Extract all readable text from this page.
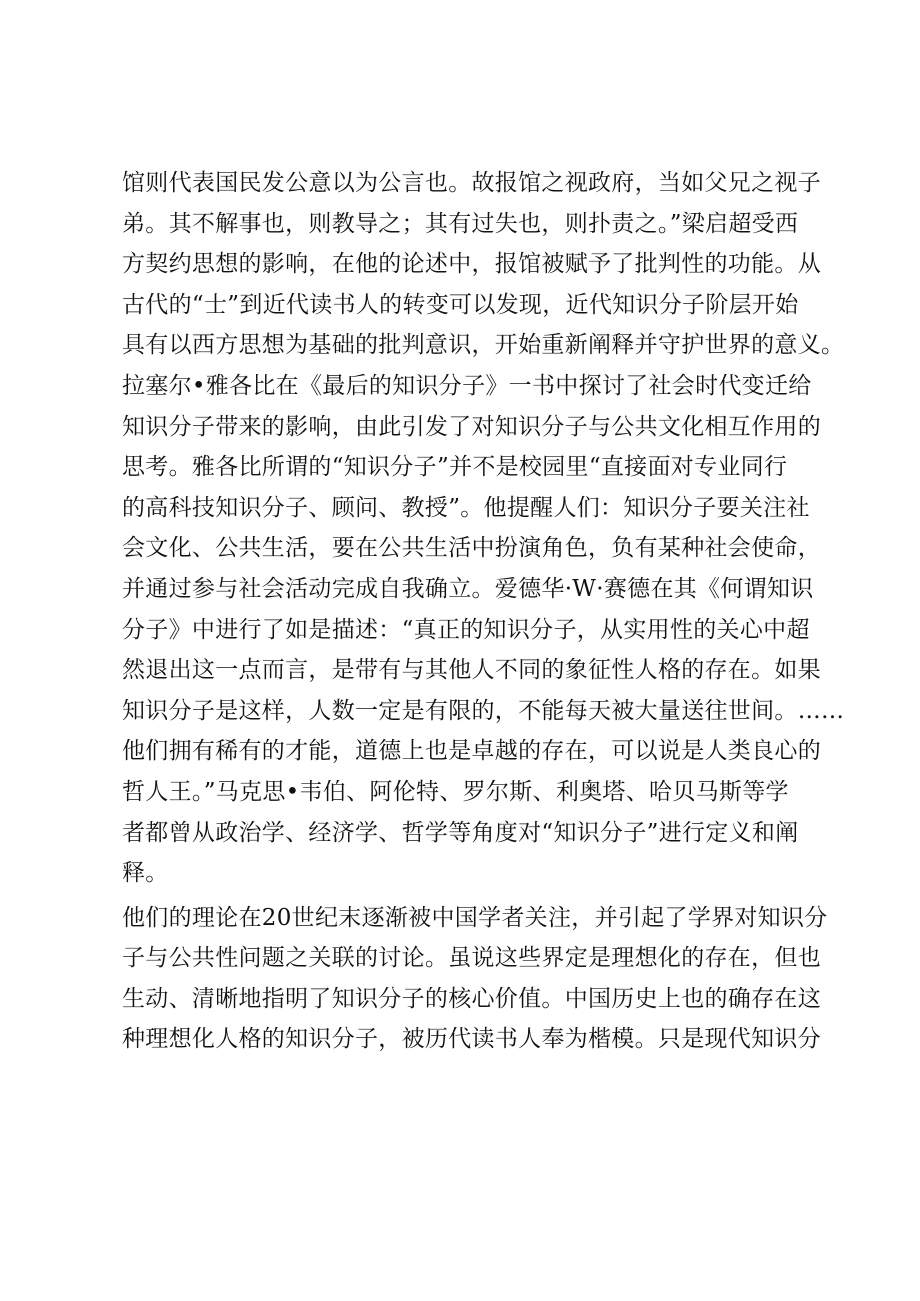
馆则代表国民发公意以为公言也。故报馆之视政府，当如父兄之视子
弟。其不解事也，则教导之；其有过失也，则扑责之。”梁启超受西
方契约思想的影响，在他的论述中，报馆被赋予了批判性的功能。从
古代的“士”到近代读书人的转变可以发现，近代知识分子阶层开始
具有以西方思想为基础的批判意识，开始重新阐释并守护世界的意义。
拉塞尔•雅各比在《最后的知识分子》一书中探讨了社会时代变迁给
知识分子带来的影响，由此引发了对知识分子与公共文化相互作用的
思考。雅各比所谓的“知识分子”并不是校园里“直接面对专业同行
的高科技知识分子、顾问、教授”。他提醒人们：知识分子要关注社
会文化、公共生活，要在公共生活中扮演角色，负有某种社会使命，
并通过参与社会活动完成自我确立。爱德华·W·赛德在其《何谓知识
分子》中进行了如是描述：“真正的知识分子，从实用性的关心中超
然退出这一点而言，是带有与其他人不同的象征性人格的存在。如果
知识分子是这样，人数一定是有限的，不能每天被大量送往世间。……
他们拥有稀有的才能，道德上也是卓越的存在，可以说是人类良心的
哲人王。”马克思•韦伯、阿伦特、罗尔斯、利奥塔、哈贝马斯等学
者都曾从政治学、经济学、哲学等角度对“知识分子”进行定义和阐
释。
他们的理论在20世纪末逐渐被中国学者关注，并引起了学界对知识分
子与公共性问题之关联的讨论。虽说这些界定是理想化的存在，但也
生动、清晰地指明了知识分子的核心价值。中国历史上也的确存在这
种理想化人格的知识分子，被历代读书人奉为楷模。只是现代知识分
